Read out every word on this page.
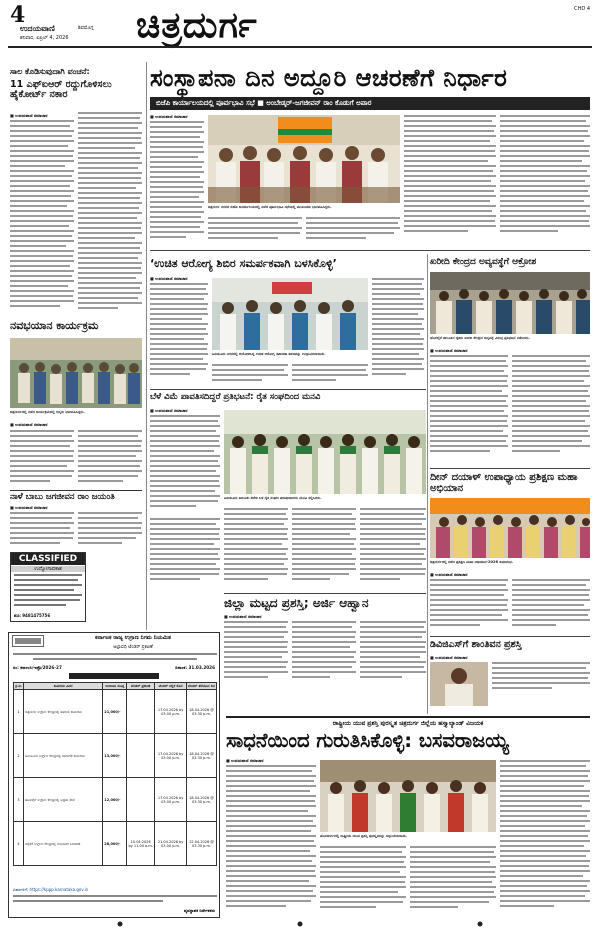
4
ಉದಯವಾಣಿ	ಶಿವಮೊಗ್ಗ
ಶನಿವಾರ, ಏಪ್ರಿಲ್ 4, 2026 ಚಿತ್ರದುರ್ಗ	CHD 4
ಸಾಲ ಕೊಡಿಸುವುದಾಗಿ ವಂಚನೆ:
11 ಎಫ್‌ಐಆರ್ ರದ್ದುಗೊಳಿಸಲು ಹೈಕೋರ್ಟ್ ನಕಾರ
■ ಉದಯವಾಣಿ ಸಮಾಚಾರ
ನವಭಯಾನ ಕಾರ್ಯಕ್ರಮ
ಚಿತ್ರದುರ್ಗದಲ್ಲಿ ನಡೆದ ಕಾರ್ಯಕ್ರಮದಲ್ಲಿ ಗಣ್ಯರು ಭಾಗವಹಿಸಿದ್ದರು.
■ ಉದಯವಾಣಿ ಸಮಾಚಾರ
ನಾಳೆ ಬಾಬು ಜಗಜೀವನ ರಾಂ ಜಯಂತಿ
■ ಉದಯವಾಣಿ ಸಮಾಚಾರ
CLASSIFIED
ಉದ್ಯೋಗಾವಕಾಶ
ಮೊ: 9481475756
ಸಂಸ್ಥಾಪನಾ ದಿನ ಅದ್ದೂರಿ ಆಚರಣೆಗೆ ನಿರ್ಧಾರ
ಬಿಜೆಪಿ ಕಾರ್ಯಾಲಯದಲ್ಲಿ ಪೂರ್ವಭಾವಿ ಸಭೆ ■ ಅಂಬೇಡ್ಕರ್-ಜಗಜೀವನ್ ರಾಂ ಕೊಡುಗೆ ಅಪಾರ
■ ಉದಯವಾಣಿ ಸಮಾಚಾರ
ಚಿತ್ರದುರ್ಗ ನಗರದ ಬಿಜೆಪಿ ಕಾರ್ಯಾಲಯದಲ್ಲಿ ನಡೆದ ಪೂರ್ವಭಾವಿ ಸಭೆಯಲ್ಲಿ ಮುಖಂಡರು ಭಾಗವಹಿಸಿದ್ದರು.
‘ಉಚಿತ ಆರೋಗ್ಯ ಶಿಬಿರ ಸಮರ್ಪಕವಾಗಿ ಬಳಸಿಕೊಳ್ಳಿ’
■ ಉದಯವಾಣಿ ಸಮಾಚಾರ
ಹಿರಿಯೂರು ನಗರದಲ್ಲಿ ಆಯೋಜಿಸಿದ್ದ ಉಚಿತ ಆರೋಗ್ಯ ತಪಾಸಣಾ ಶಿಬಿರವನ್ನು ಉದ್ಘಾಟಿಸಲಾಯಿತು.
ಖರೀದಿ ಕೇಂದ್ರದ ಅವ್ಯವಸ್ಥೆಗೆ ಆಕ್ರೋಶ
ಹೊಳಲ್ಕೆರೆ ತಾಲೂಕಿನ ರೈತರು ಖರೀದಿ ಕೇಂದ್ರದ ಅವ್ಯವಸ್ಥೆ ವಿರುದ್ಧ ಪ್ರತಿಭಟನೆ ನಡೆಸಿದರು.
■ ಉದಯವಾಣಿ ಸಮಾಚಾರ
ಬೆಳೆ ವಿಮೆ ಪಾವತಿಸದಿದ್ದರೆ ಪ್ರತಿಭಟನೆ: ರೈತ ಸಂಘದಿಂದ ಮನವಿ
■ ಉದಯವಾಣಿ ಸಮಾಚಾರ
ಹಿರಿಯೂರು ತಾಲೂಕು ಕಚೇರಿ ಬಳಿ ರೈತ ಸಂಘದ ಪದಾಧಿಕಾರಿಗಳು ಮನವಿ ಸಲ್ಲಿಸಿದರು.
ದೀನ್ ದಯಾಳ್ ಉಪಾಧ್ಯಾಯ ಪ್ರಶಿಕ್ಷಣ ಮಹಾ ಅಭಿಯಾನ
ಚಿತ್ರದುರ್ಗದಲ್ಲಿ ನಡೆದ ಪ್ರಶಿಕ್ಷಣ ಮಹಾ ಅಭಿಯಾನ-2026 ಸಮಾರಂಭ.
■ ಉದಯವಾಣಿ ಸಮಾಚಾರ
ಜಿಲ್ಲಾ ಮಟ್ಟದ ಪ್ರಶಸ್ತಿ; ಅರ್ಜಿ ಆಹ್ವಾನ
■ ಉದಯವಾಣಿ ಸಮಾಚಾರ
ಡಿವಿಜಿಎಸ್‌ಗೆ ಶಾಂತಿವನ ಪ್ರಶಸ್ತಿ
■ ಉದಯವಾಣಿ ಸಮಾಚಾರ
ಕರ್ನಾಟಕ ರಾಜ್ಯ ಉಗ್ರಾಣ ನಿಗಮ ನಿಯಮಿತ
ಅಲ್ಪಾವಧಿ ಟೆಂಡರ್ ಪ್ರಕಟಣೆ
ಸಂ: ಕರಾಉನಿ/ಇಪ್ರೊ/2026-27	ದಿನಾಂಕ: 31.03.2026
ಕ್ರ.ಸಂ	ಕಾಮಗಾರಿ ವಿವರ	ಅಂದಾಜು ಮೊತ್ತ	ಟೆಂಡರ್ ಪ್ರಕಟಣೆ	ಟೆಂಡರ್ ಸಲ್ಲಿಕೆ ಕೊನೆ	ಟೆಂಡರ್ ತೆರೆಯುವ ದಿನ
1	ಚಿತ್ರದುರ್ಗ ಉಗ್ರಾಣ ಕೇಂದ್ರದಲ್ಲಿ ಹಮಾಲಿ ಕಾಮಗಾರಿ	21,000/-		17.04.2026 by 03.00 p.m.	18.04.2026 @ 03.30 p.m.
2	ಹಿರಿಯೂರು ಉಗ್ರಾಣ ಕೇಂದ್ರದಲ್ಲಿ ಸಾಗಾಣಿಕೆ ಕಾಮಗಾರಿ	13,000/-		17.04.2026 by 03.00 p.m.	18.04.2026 @ 03.30 p.m.
3	ಹೊಳಲ್ಕೆರೆ ಉಗ್ರಾಣ ಕೇಂದ್ರದಲ್ಲಿ ಭದ್ರತಾ ಸೇವೆ	12,000/-		17.04.2026 by 03.00 p.m.	18.04.2026 @ 03.30 p.m.
4	ಚಳ್ಳಕೆರೆ ಉಗ್ರಾಣ ಕೇಂದ್ರದಲ್ಲಿ ಕೀಟನಾಶಕ ಸಿಂಪಡಣೆ	28,000/-	10.04.2026 by 11.00 a.m.	21.04.2026 by 03.00 p.m.	22.04.2026 @ 03.30 p.m.
ವಿವರಗಳಿಗೆ: https://kppp.karnataka.gov.in
ವ್ಯವಸ್ಥಾಪಕ ನಿರ್ದೇಶಕರು
ರಾಷ್ಟ್ರೀಯ ಯುವ ಪ್ರಶಸ್ತಿ ಪುರಸ್ಕೃತ ಚಿತ್ರದುರ್ಗ ಜಿಲ್ಲೆಯ ಹಸ್ತ್ಯಾಲ್ಯಾಂಡ್ ವಿಜಯಕ
ಸಾಧನೆಯಿಂದ ಗುರುತಿಸಿಕೊಳ್ಳಿ: ಬಸವರಾಜಯ್ಯ
■ ಉದಯವಾಣಿ ಸಮಾಚಾರ
ಹೊಸದುರ್ಗದಲ್ಲಿ ರಾಷ್ಟ್ರೀಯ ಯುವ ಪ್ರಶಸ್ತಿ ಪುರಸ್ಕೃತರನ್ನು ಸನ್ಮಾನಿಸಲಾಯಿತು.
